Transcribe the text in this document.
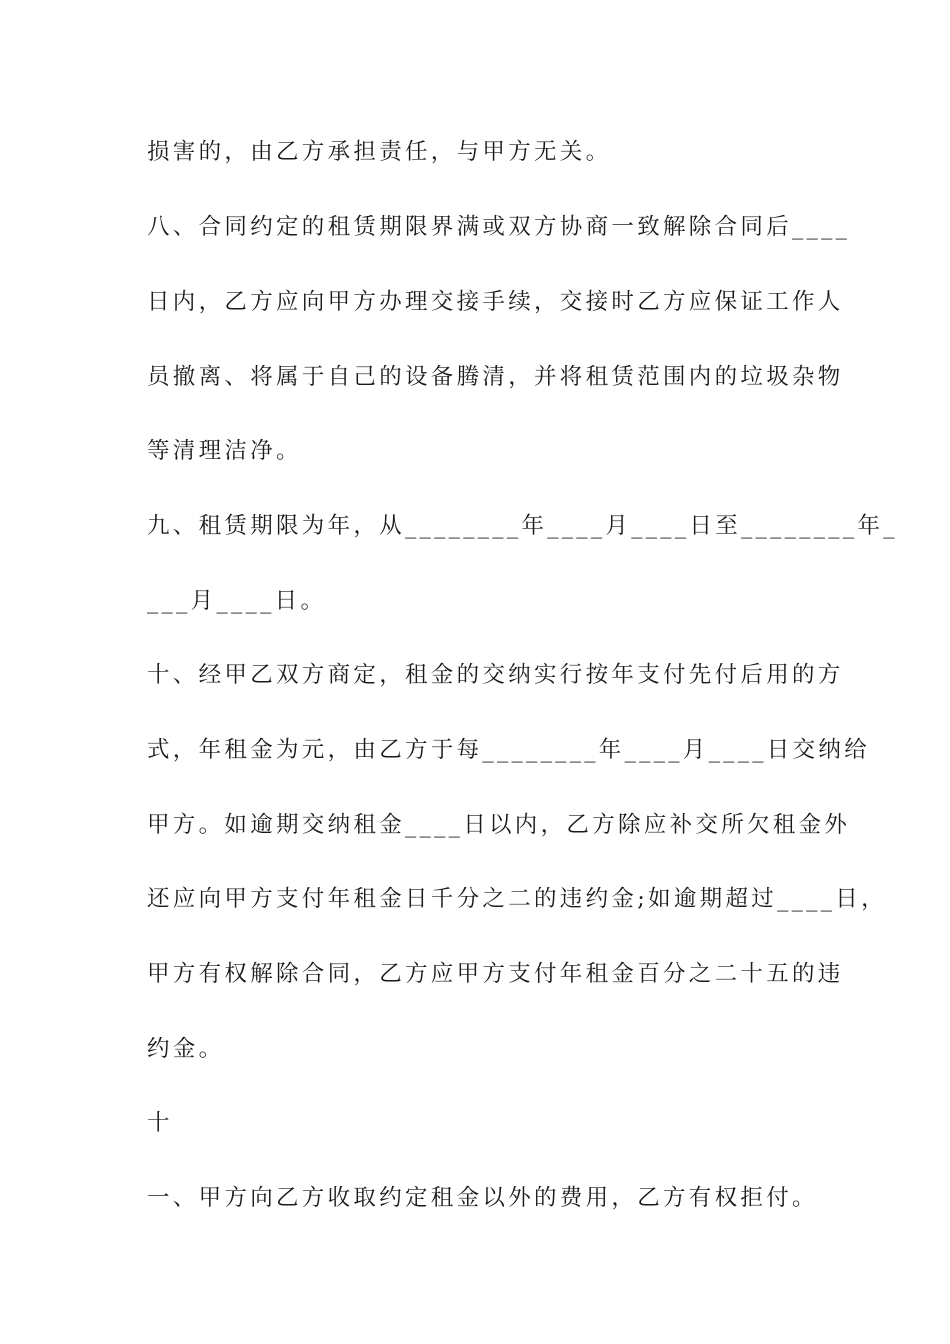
损害的，由乙方承担责任，与甲方无关。
八、合同约定的租赁期限界满或双方协商一致解除合同后____
日内，乙方应向甲方办理交接手续，交接时乙方应保证工作人
员撤离、将属于自己的设备腾清，并将租赁范围内的垃圾杂物
等清理洁净。
九、租赁期限为年，从________年____月____日至________年_
___月____日。
十、经甲乙双方商定，租金的交纳实行按年支付先付后用的方
式，年租金为元，由乙方于每________年____月____日交纳给
甲方。如逾期交纳租金____日以内，乙方除应补交所欠租金外
还应向甲方支付年租金日千分之二的违约金;如逾期超过____日，
甲方有权解除合同，乙方应甲方支付年租金百分之二十五的违
约金。
十
一、甲方向乙方收取约定租金以外的费用，乙方有权拒付。
